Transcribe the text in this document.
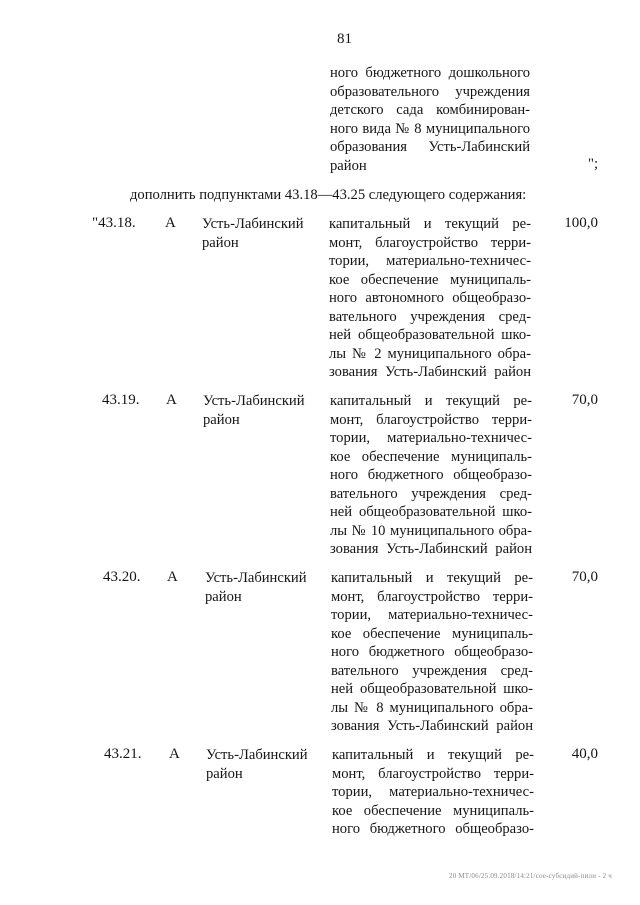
81
ного бюджетного дошкольного
образовательного учреждения
детского сада комбинирован-
ного вида № 8 муниципального
образования Усть-Лабинский
район	";
дополнить подпунктами 43.18—43.25 следующего содержания:
"43.18. А Усть-Лабинский
район
капитальный и текущий ре-
монт, благоустройство терри-
тории, материально-техничес-
кое обеспечение муниципаль-
ного автономного общеобразо-
вательного учреждения сред-
ней общеобразовательной шко-
лы № 2 муниципального обра-
зования Усть-Лабинский район
100,0
43.19. А Усть-Лабинский
район
капитальный и текущий ре-
монт, благоустройство терри-
тории, материально-техничес-
кое обеспечение муниципаль-
ного бюджетного общеобразо-
вательного учреждения сред-
ней общеобразовательной шко-
лы № 10 муниципального обра-
зования Усть-Лабинский район
70,0
43.20. А Усть-Лабинский
район
капитальный и текущий ре-
монт, благоустройство терри-
тории, материально-техничес-
кое обеспечение муниципаль-
ного бюджетного общеобразо-
вательного учреждения сред-
ней общеобразовательной шко-
лы № 8 муниципального обра-
зования Усть-Лабинский район
70,0
43.21. А Усть-Лабинский
район
капитальный и текущий ре-
монт, благоустройство терри-
тории, материально-техничес-
кое обеспечение муниципаль-
ного бюджетного общеобразо-
40,0
20 МТ/06/25.09.2018/14:21/сое-субсидий-пили - 2 ч
